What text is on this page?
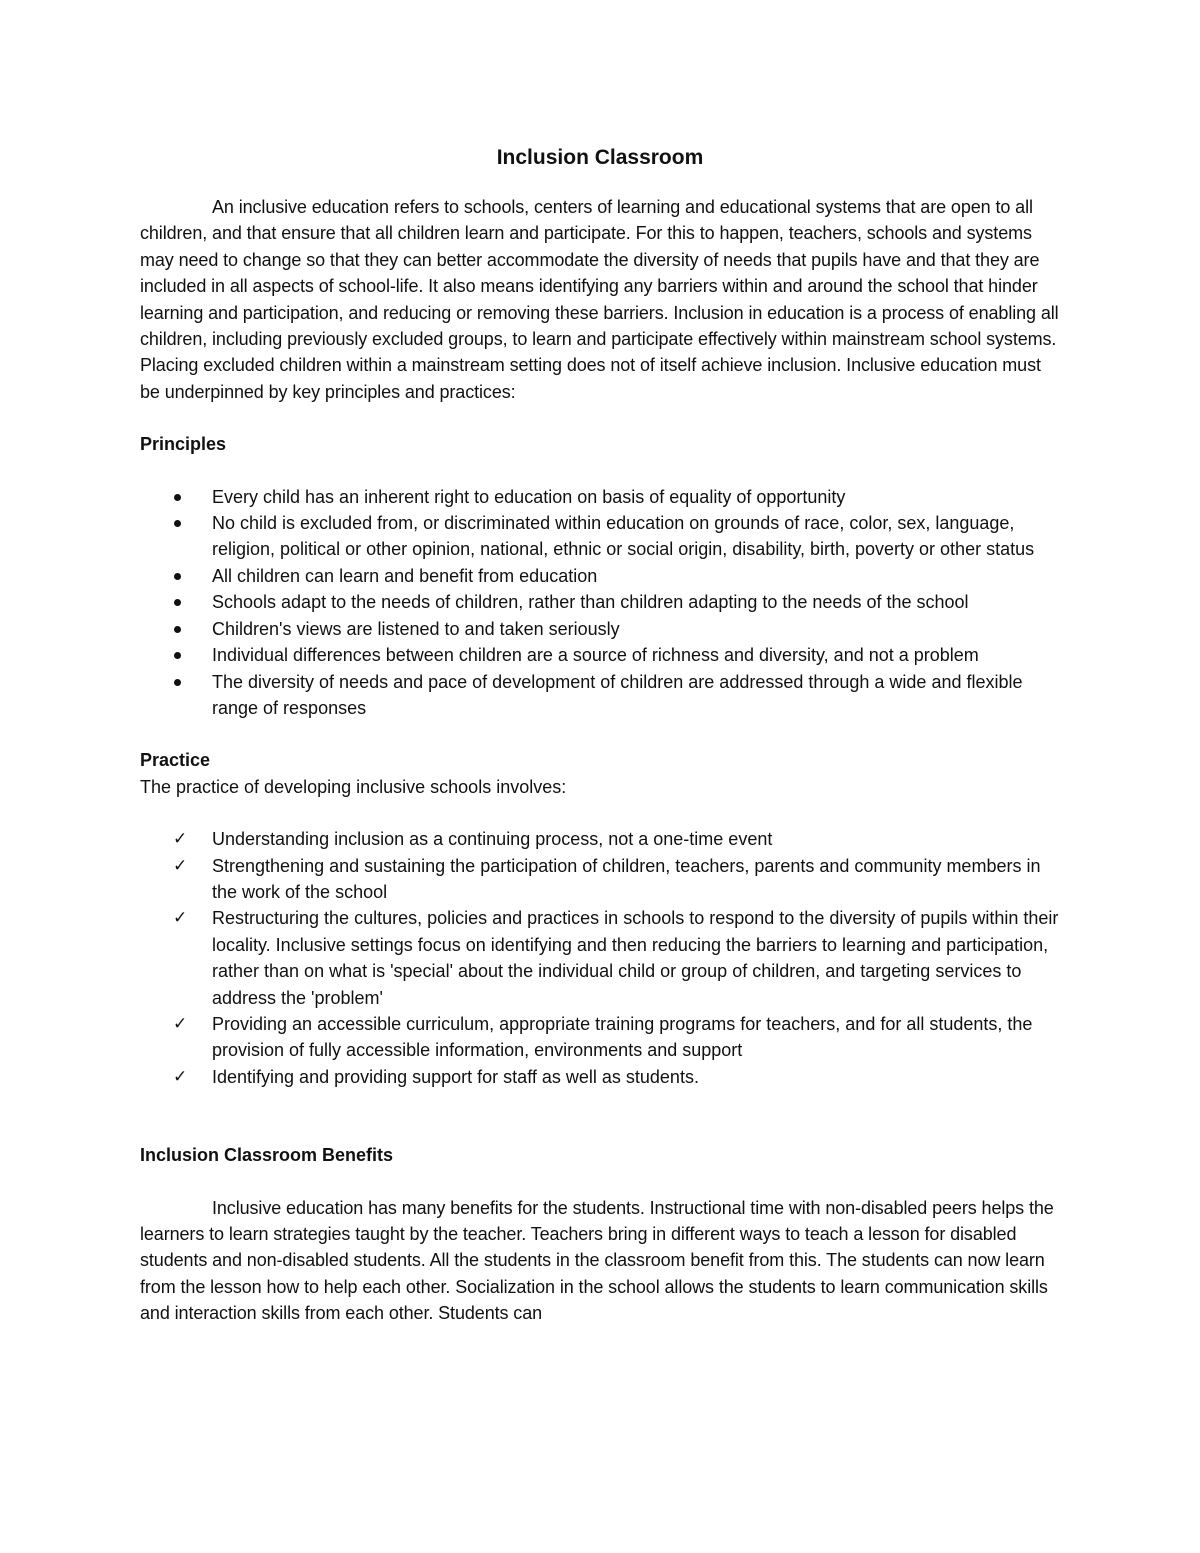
Inclusion Classroom

An inclusive education refers to schools, centers of learning and educational systems that are open to all children, and that ensure that all children learn and participate. For this to happen, teachers, schools and systems may need to change so that they can better accommodate the diversity of needs that pupils have and that they are included in all aspects of school-life. It also means identifying any barriers within and around the school that hinder learning and participation, and reducing or removing these barriers. Inclusion in education is a process of enabling all children, including previously excluded groups, to learn and participate effectively within mainstream school systems. Placing excluded children within a mainstream setting does not of itself achieve inclusion. Inclusive education must be underpinned by key principles and practices:

Principles

Every child has an inherent right to education on basis of equality of opportunity
No child is excluded from, or discriminated within education on grounds of race, color, sex, language, religion, political or other opinion, national, ethnic or social origin, disability, birth, poverty or other status
All children can learn and benefit from education
Schools adapt to the needs of children, rather than children adapting to the needs of the school
Children's views are listened to and taken seriously
Individual differences between children are a source of richness and diversity, and not a problem
The diversity of needs and pace of development of children are addressed through a wide and flexible range of responses

Practice

The practice of developing inclusive schools involves:

✓ Understanding inclusion as a continuing process, not a one-time event
✓ Strengthening and sustaining the participation of children, teachers, parents and community members in the work of the school
✓ Restructuring the cultures, policies and practices in schools to respond to the diversity of pupils within their locality. Inclusive settings focus on identifying and then reducing the barriers to learning and participation, rather than on what is 'special' about the individual child or group of children, and targeting services to address the 'problem'
✓ Providing an accessible curriculum, appropriate training programs for teachers, and for all students, the provision of fully accessible information, environments and support
✓ Identifying and providing support for staff as well as students.

Inclusion Classroom Benefits

Inclusive education has many benefits for the students. Instructional time with non-disabled peers helps the learners to learn strategies taught by the teacher. Teachers bring in different ways to teach a lesson for disabled students and non-disabled students. All the students in the classroom benefit from this. The students can now learn from the lesson how to help each other. Socialization in the school allows the students to learn communication skills and interaction skills from each other. Students can
